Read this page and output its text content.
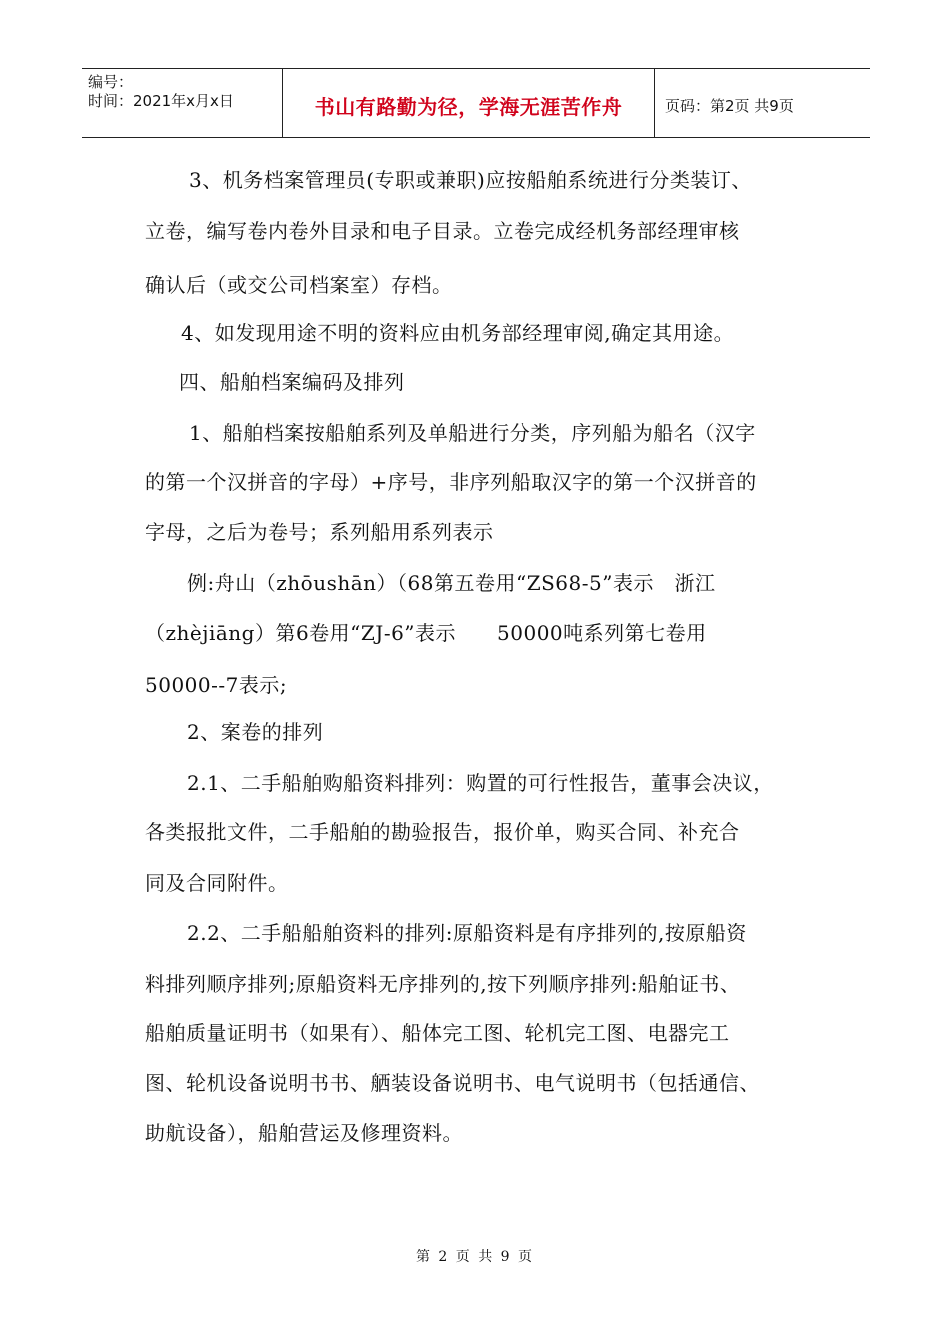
编号：
时间：2021年x月x日	书山有路勤为径，学海无涯苦作舟	页码：第2页 共9页
3、机务档案管理员(专职或兼职)应按船舶系统进行分类装订、
立卷，编写卷内卷外目录和电子目录。立卷完成经机务部经理审核
确认后（或交公司档案室）存档。
4、如发现用途不明的资料应由机务部经理审阅,确定其用途。
四、船舶档案编码及排列
1、船舶档案按船舶系列及单船进行分类，序列船为船名（汉字
的第一个汉拼音的字母）+序号，非序列船取汉字的第一个汉拼音的
字母，之后为卷号；系列船用系列表示
例:舟山（zhōushān）（68第五卷用“ZS68-5”表示　浙江
（zhèjiāng）第6卷用“ZJ-6”表示　　50000吨系列第七卷用
50000--7表示;
2、案卷的排列
2.1、二手船舶购船资料排列：购置的可行性报告，董事会决议，
各类报批文件，二手船舶的勘验报告，报价单，购买合同、补充合
同及合同附件。
2.2、二手船船舶资料的排列:原船资料是有序排列的,按原船资
料排列顺序排列;原船资料无序排列的,按下列顺序排列:船舶证书、
船舶质量证明书（如果有）、船体完工图、轮机完工图、电器完工
图、轮机设备说明书书、舾装设备说明书、电气说明书（包括通信、
助航设备），船舶营运及修理资料。
第 2 页 共 9 页
